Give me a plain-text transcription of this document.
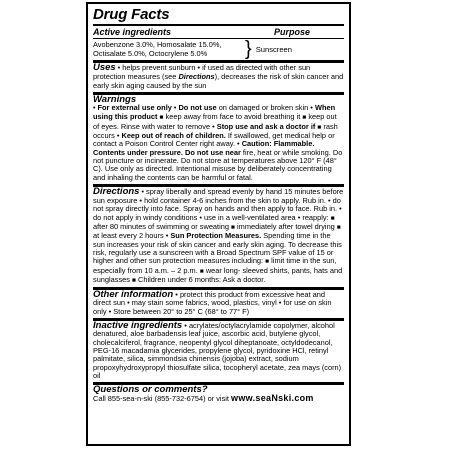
Drug Facts
Active ingredients	Purpose
Avobenzone 3.0%, Homosalate 15.0%,
Octisalate 5.0%, Octocrylene 5.0%	} Sunscreen
Uses • helps prevent sunburn • if used as directed with other sun protection measures (see Directions), decreases the risk of skin cancer and early skin aging caused by the sun
Warnings
• For external use only • Do not use on damaged or broken skin • When using this product ■ keep away from face to avoid breathing it ■ keep out of eyes. Rinse with water to remove • Stop use and ask a doctor if ■ rash occurs • Keep out of reach of children. If swallowed, get medical help or contact a Poison Control Center right away. • Caution: Flammable. Contents under pressure. Do not use near fire, heat or while smoking. Do not puncture or incinerate. Do not store at temperatures above 120° F (48° C). Use only as directed. Intentional misuse by deliberately concentrating and inhaling the contents can be harmful or fatal.
Directions • spray liberally and spread evenly by hand 15 minutes before sun exposure • hold container 4-6 inches from the skin to apply. Rub in. • do not spray directly into face. Spray on hands and then apply to face. Rub in. • do not apply in windy conditions • use in a well-ventilated area • reapply: ■ after 80 minutes of swimming or sweating ■ immediately after towel drying ■ at least every 2 hours • Sun Protection Measures. Spending time in the sun increases your risk of skin cancer and early skin aging. To decrease this risk, regularly use a sunscreen with a Broad Spectrum SPF value of 15 or higher and other sun protection measures including: ■ limit time in the sun, especially from 10 a.m. – 2 p.m. ■ wear long- sleeved shirts, pants, hats and sunglasses ■ Children under 6 months: Ask a doctor.
Other information • protect this product from excessive heat and direct sun • may stain some fabrics, wood, plastics, vinyl • for use on skin only • Store between 20° to 25° C (68° to 77° F)
Inactive ingredients • acrylates/octylacrylamide copolymer, alcohol denatured, aloe barbadensis leaf juice, ascorbic acid, butylene glycol, cholecalciferol, fragrance, neopentyl glycol diheptanoate, octyldodecanol, PEG-16 macadamia glycerides, propylene glycol, pyridoxine HCl, retinyl palmitate, silica, simmondsia chinensis (jojoba) extract, sodium propoxyhydroxypropyl thiosulfate silica, tocopheryl acetate, zea mays (corn) oil
Questions or comments?
Call 855-sea-n-ski (855-732-6754) or visit www.seaNski.com
